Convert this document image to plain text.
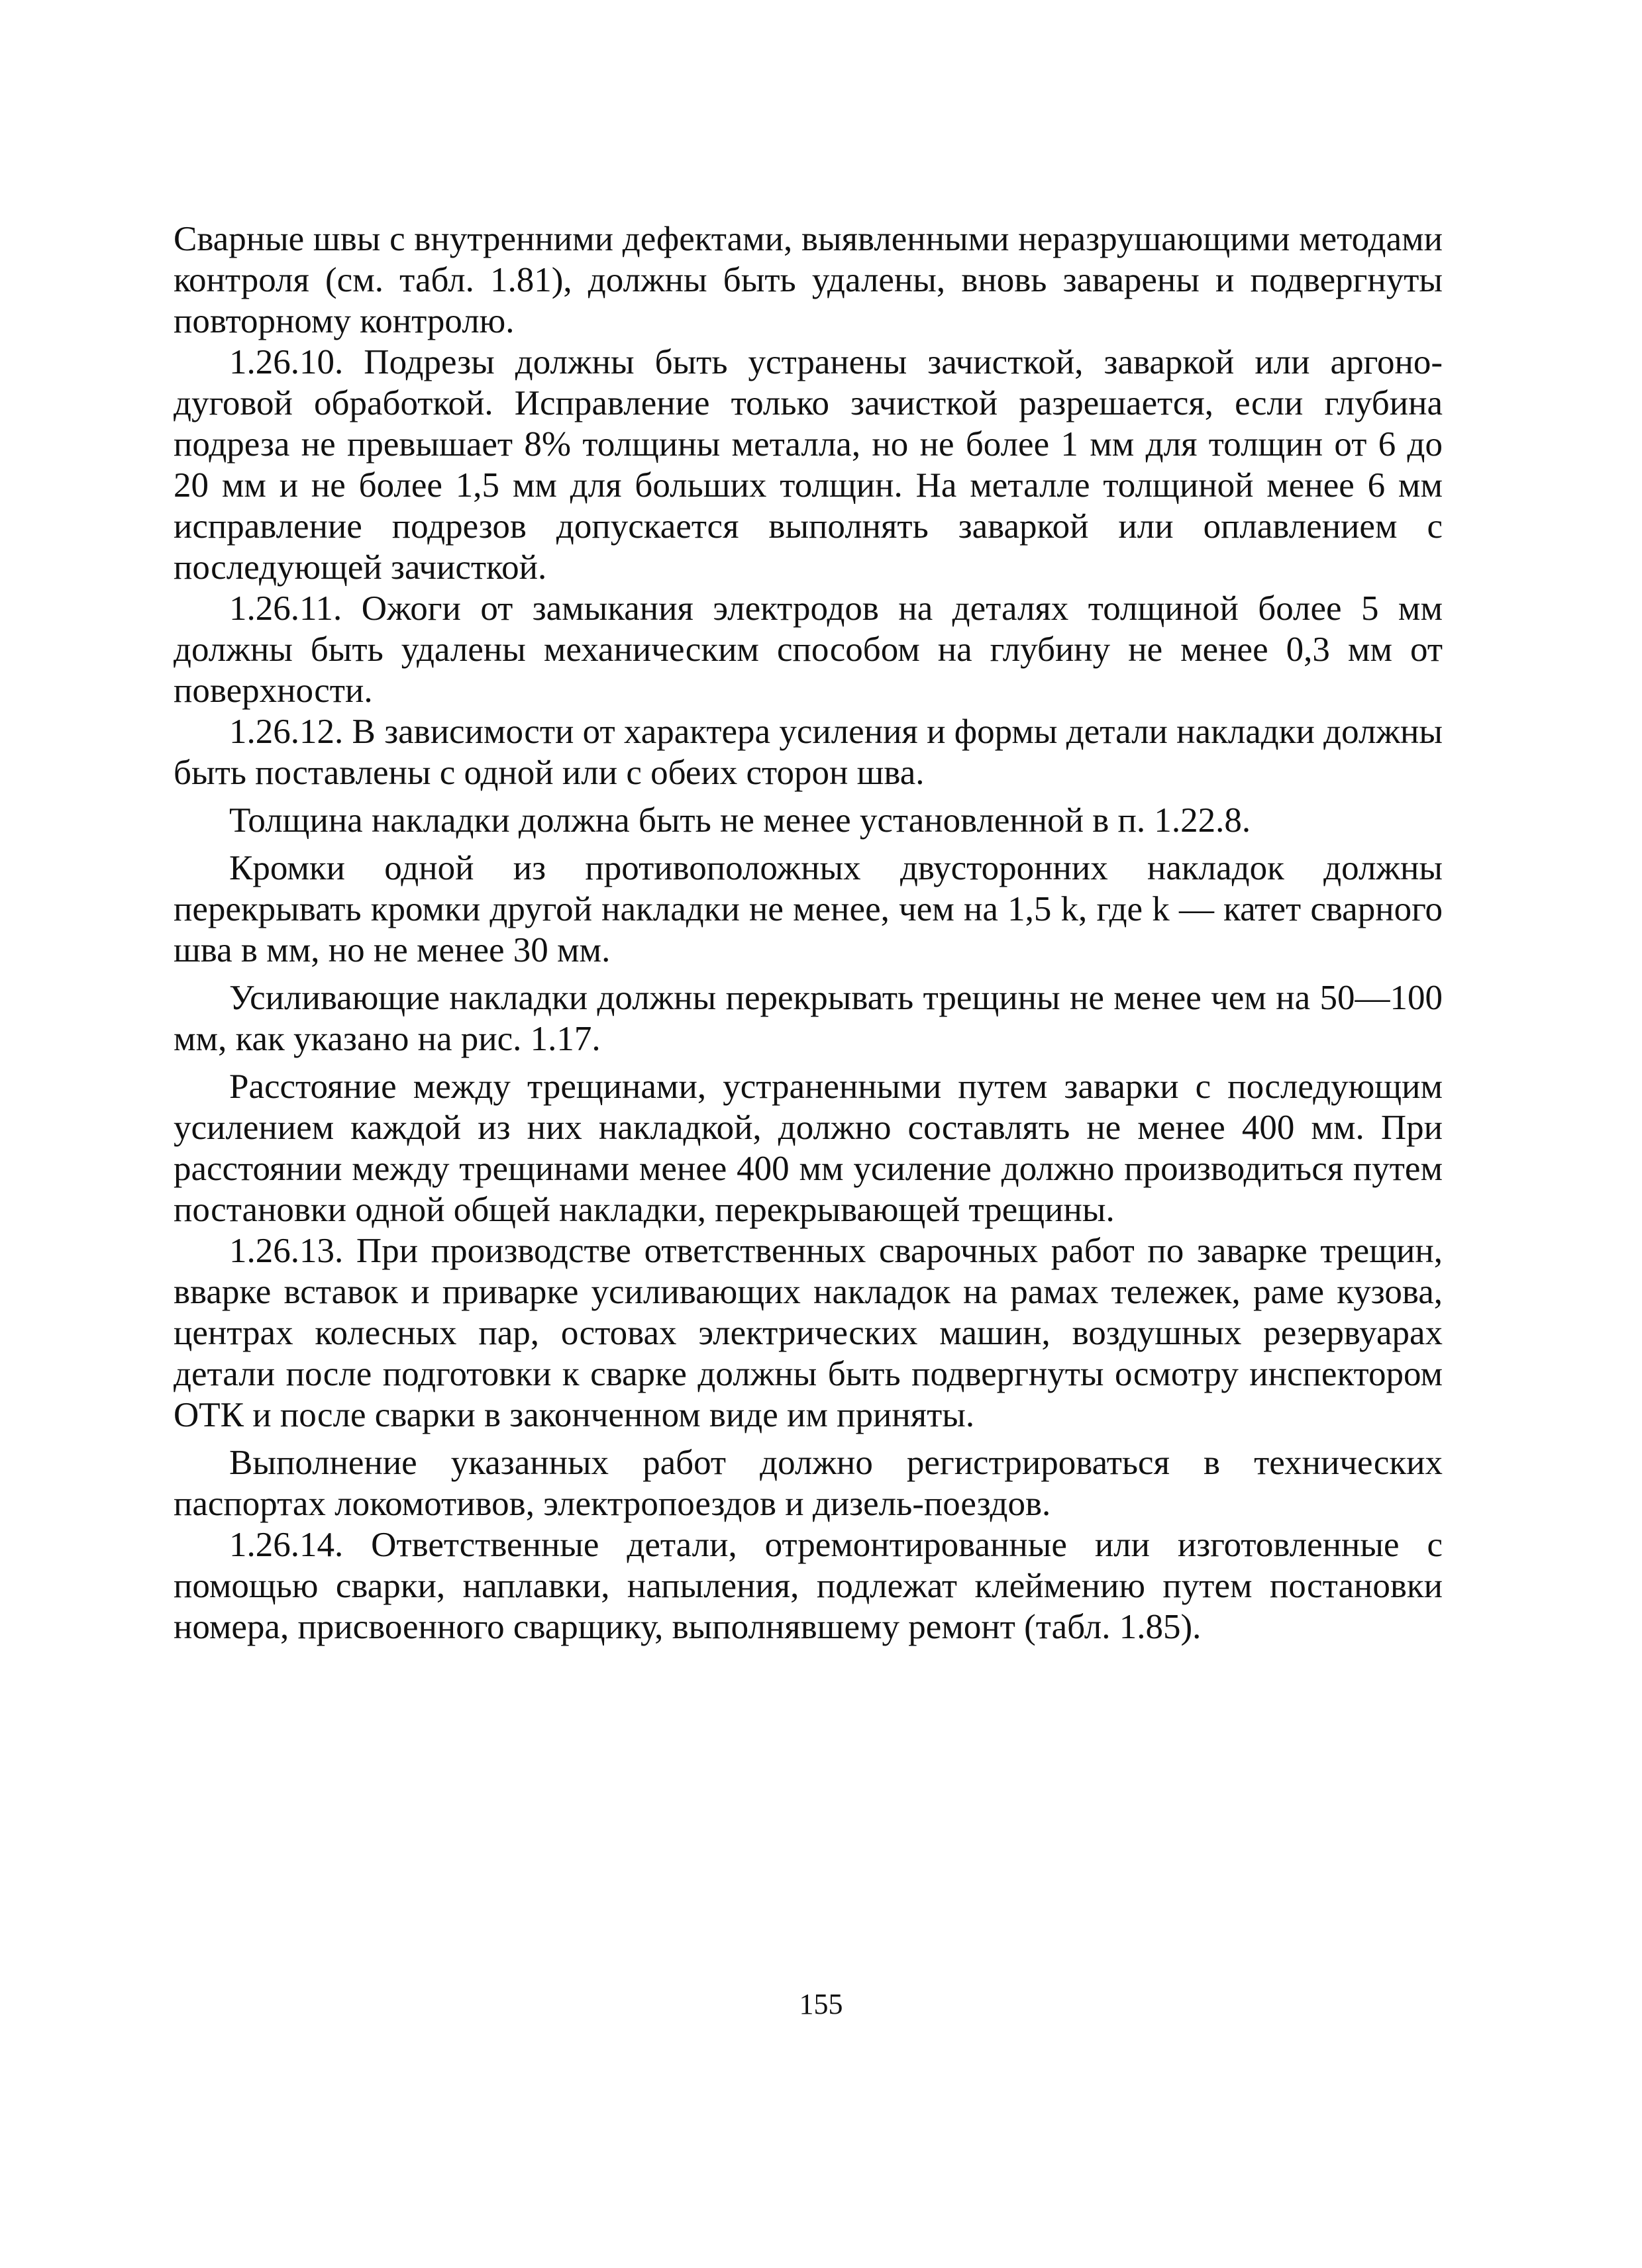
Сварные швы с внутренними дефектами, выявленными неразрушающими методами контроля (см. табл. 1.81), должны быть удалены, вновь заварены и подвергнуты повторному контролю.

1.26.10. Подрезы должны быть устранены зачисткой, заваркой или аргоно-дуговой обработкой. Исправление только зачисткой разрешается, если глубина подреза не превышает 8% толщины металла, но не более 1 мм для толщин от 6 до 20 мм и не более 1,5 мм для больших толщин. На металле толщиной менее 6 мм исправление подрезов допускается выполнять заваркой или оплавлением с последующей зачисткой.

1.26.11. Ожоги от замыкания электродов на деталях толщиной более 5 мм должны быть удалены механическим способом на глубину не менее 0,3 мм от поверхности.

1.26.12. В зависимости от характера усиления и формы детали накладки должны быть поставлены с одной или с обеих сторон шва.

Толщина накладки должна быть не менее установленной в п. 1.22.8.

Кромки одной из противоположных двусторонних накладок должны перекрывать кромки другой накладки не менее, чем на 1,5 k, где k — катет сварного шва в мм, но не менее 30 мм.

Усиливающие накладки должны перекрывать трещины не менее чем на 50—100 мм, как указано на рис. 1.17.

Расстояние между трещинами, устраненными путем заварки с последующим усилением каждой из них накладкой, должно составлять не менее 400 мм. При расстоянии между трещинами менее 400 мм усиление должно производиться путем постановки одной общей накладки, перекрывающей трещины.

1.26.13. При производстве ответственных сварочных работ по заварке трещин, вварке вставок и приварке усиливающих накладок на рамах тележек, раме кузова, центрах колесных пар, остовах электрических машин, воздушных резервуарах детали после подготовки к сварке должны быть подвергнуты осмотру инспектором ОТК и после сварки в законченном виде им приняты.

Выполнение указанных работ должно регистрироваться в технических паспортах локомотивов, электропоездов и дизель-поездов.

1.26.14. Ответственные детали, отремонтированные или изготовленные с помощью сварки, наплавки, напыления, подлежат клеймению путем постановки номера, присвоенного сварщику, выполнявшему ремонт (табл. 1.85).

155
